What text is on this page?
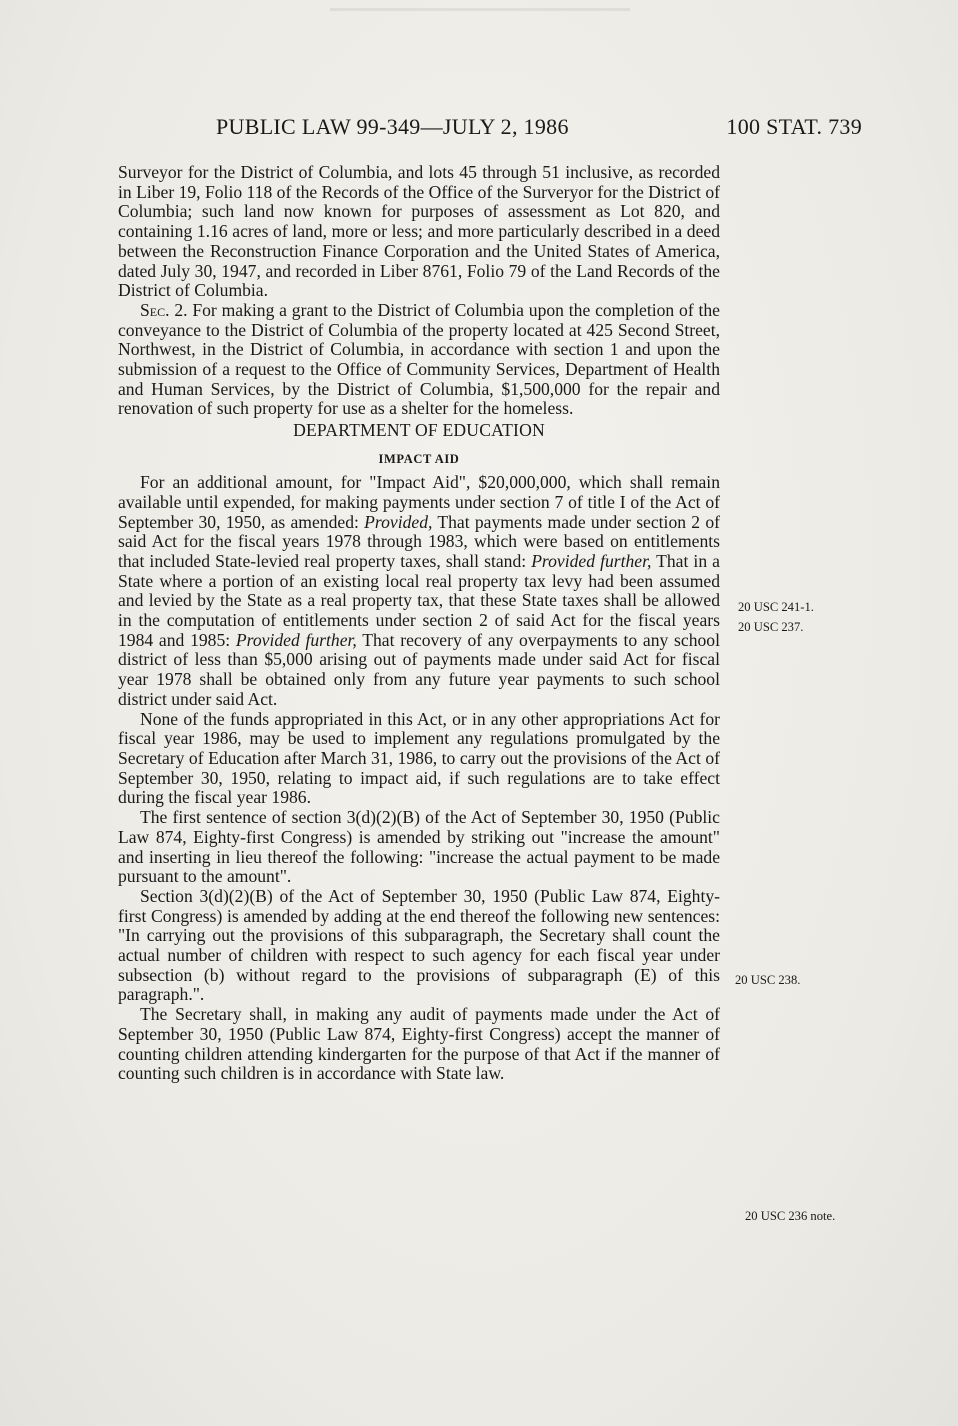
PUBLIC LAW 99-349—JULY 2, 1986	100 STAT. 739

Surveyor for the District of Columbia, and lots 45 through 51 inclusive, as recorded in Liber 19, Folio 118 of the Records of the Office of the Surveryor for the District of Columbia; such land now known for purposes of assessment as Lot 820, and containing 1.16 acres of land, more or less; and more particularly described in a deed between the Reconstruction Finance Corporation and the United States of America, dated July 30, 1947, and recorded in Liber 8761, Folio 79 of the Land Records of the District of Columbia.

Sec. 2. For making a grant to the District of Columbia upon the completion of the conveyance to the District of Columbia of the property located at 425 Second Street, Northwest, in the District of Columbia, in accordance with section 1 and upon the submission of a request to the Office of Community Services, Department of Health and Human Services, by the District of Columbia, $1,500,000 for the repair and renovation of such property for use as a shelter for the homeless.

DEPARTMENT OF EDUCATION
IMPACT AID

For an additional amount, for "Impact Aid", $20,000,000, which shall remain available until expended, for making payments under section 7 of title I of the Act of September 30, 1950, as amended: Provided, That payments made under section 2 of said Act for the fiscal years 1978 through 1983, which were based on entitlements that included State-levied real property taxes, shall stand: Provided further, That in a State where a portion of an existing local real property tax levy had been assumed and levied by the State as a real property tax, that these State taxes shall be allowed in the computation of entitlements under section 2 of said Act for the fiscal years 1984 and 1985: Provided further, That recovery of any overpayments to any school district of less than $5,000 arising out of payments made under said Act for fiscal year 1978 shall be obtained only from any future year payments to such school district under said Act.

None of the funds appropriated in this Act, or in any other appropriations Act for fiscal year 1986, may be used to implement any regulations promulgated by the Secretary of Education after March 31, 1986, to carry out the provisions of the Act of September 30, 1950, relating to impact aid, if such regulations are to take effect during the fiscal year 1986.

The first sentence of section 3(d)(2)(B) of the Act of September 30, 1950 (Public Law 874, Eighty-first Congress) is amended by striking out "increase the amount" and inserting in lieu thereof the following: "increase the actual payment to be made pursuant to the amount".

Section 3(d)(2)(B) of the Act of September 30, 1950 (Public Law 874, Eighty-first Congress) is amended by adding at the end thereof the following new sentences: "In carrying out the provisions of this subparagraph, the Secretary shall count the actual number of children with respect to such agency for each fiscal year under subsection (b) without regard to the provisions of subparagraph (E) of this paragraph.".

The Secretary shall, in making any audit of payments made under the Act of September 30, 1950 (Public Law 874, Eighty-first Congress) accept the manner of counting children attending kindergarten for the purpose of that Act if the manner of counting such children is in accordance with State law.

20 USC 241-1.
20 USC 237.
20 USC 238.
20 USC 236 note.
